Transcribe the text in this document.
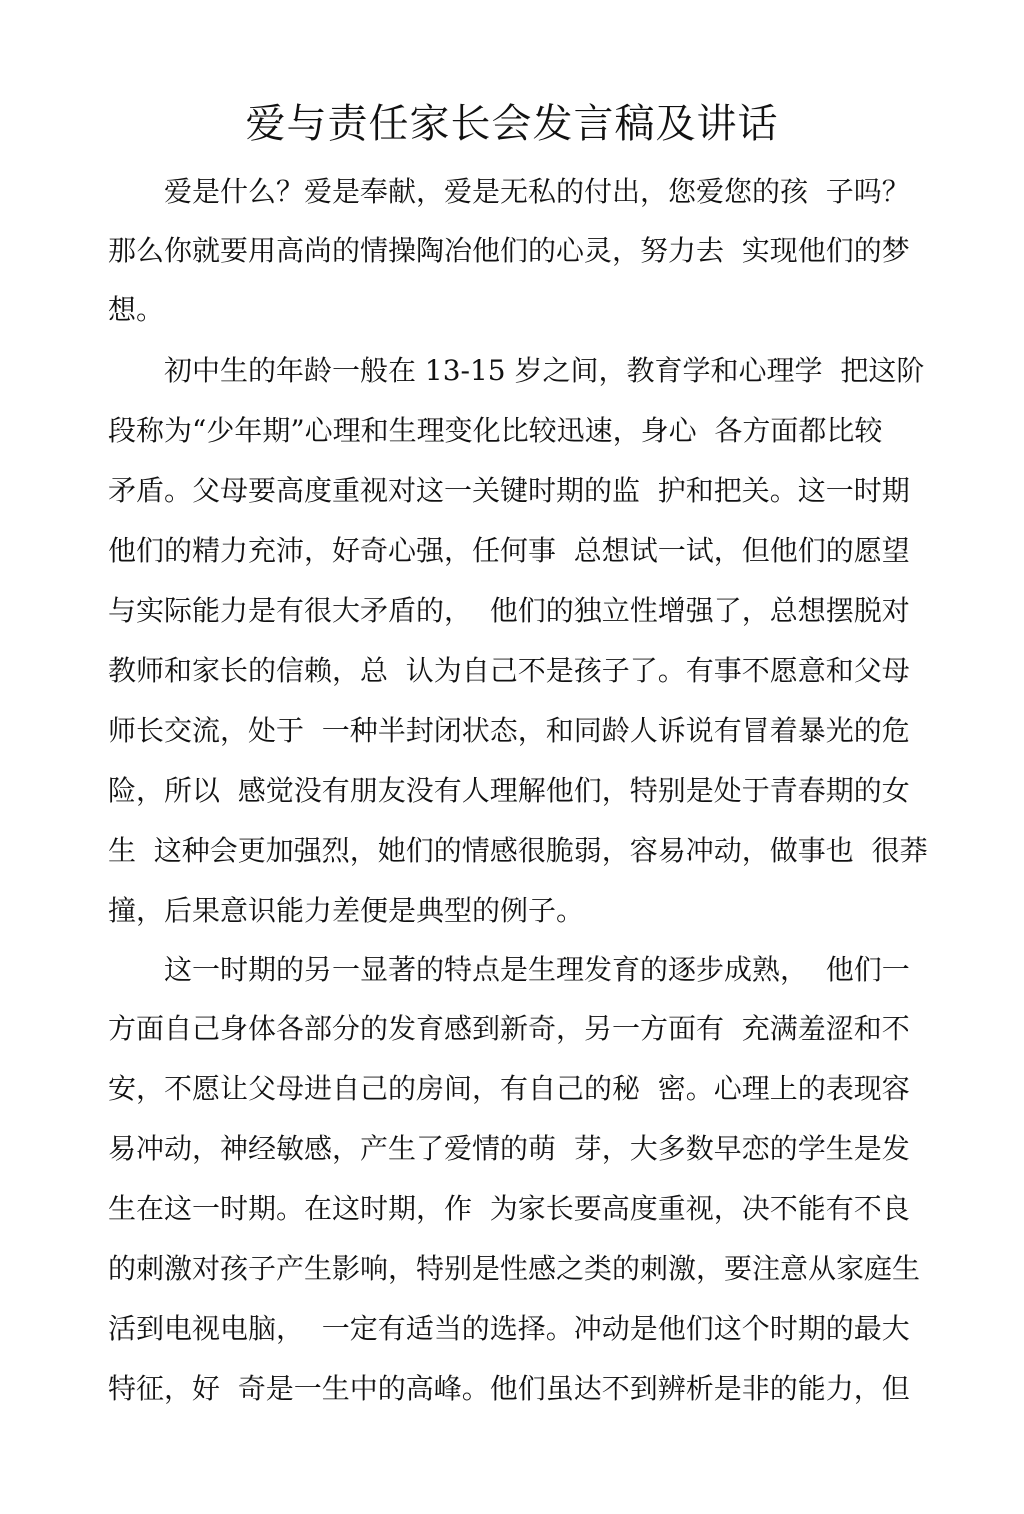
爱与责任家长会发言稿及讲话

　　爱是什么？爱是奉献，爱是无私的付出，您爱您的孩  子吗？

那么你就要用高尚的情操陶冶他们的心灵，努力去  实现他们的梦

想。

　　初中生的年龄一般在 13-15 岁之间，教育学和心理学  把这阶

段称为“少年期”心理和生理变化比较迅速，身心  各方面都比较

矛盾。父母要高度重视对这一关键时期的监  护和把关。这一时期

他们的精力充沛，好奇心强，任何事  总想试一试，但他们的愿望

与实际能力是有很大矛盾的，  他们的独立性增强了，总想摆脱对

教师和家长的信赖，总  认为自己不是孩子了。有事不愿意和父母

师长交流，处于  一种半封闭状态，和同龄人诉说有冒着暴光的危

险，所以  感觉没有朋友没有人理解他们，特别是处于青春期的女

生  这种会更加强烈，她们的情感很脆弱，容易冲动，做事也  很莽

撞，后果意识能力差便是典型的例子。

　　这一时期的另一显著的特点是生理发育的逐步成熟，  他们一

方面自己身体各部分的发育感到新奇，另一方面有  充满羞涩和不

安，不愿让父母进自己的房间，有自己的秘  密。心理上的表现容

易冲动，神经敏感，产生了爱情的萌  芽，大多数早恋的学生是发

生在这一时期。在这时期，作  为家长要高度重视，决不能有不良

的刺激对孩子产生影响，特别是性感之类的刺激，要注意从家庭生

活到电视电脑，  一定有适当的选择。冲动是他们这个时期的最大

特征，好  奇是一生中的高峰。他们虽达不到辨析是非的能力，但
